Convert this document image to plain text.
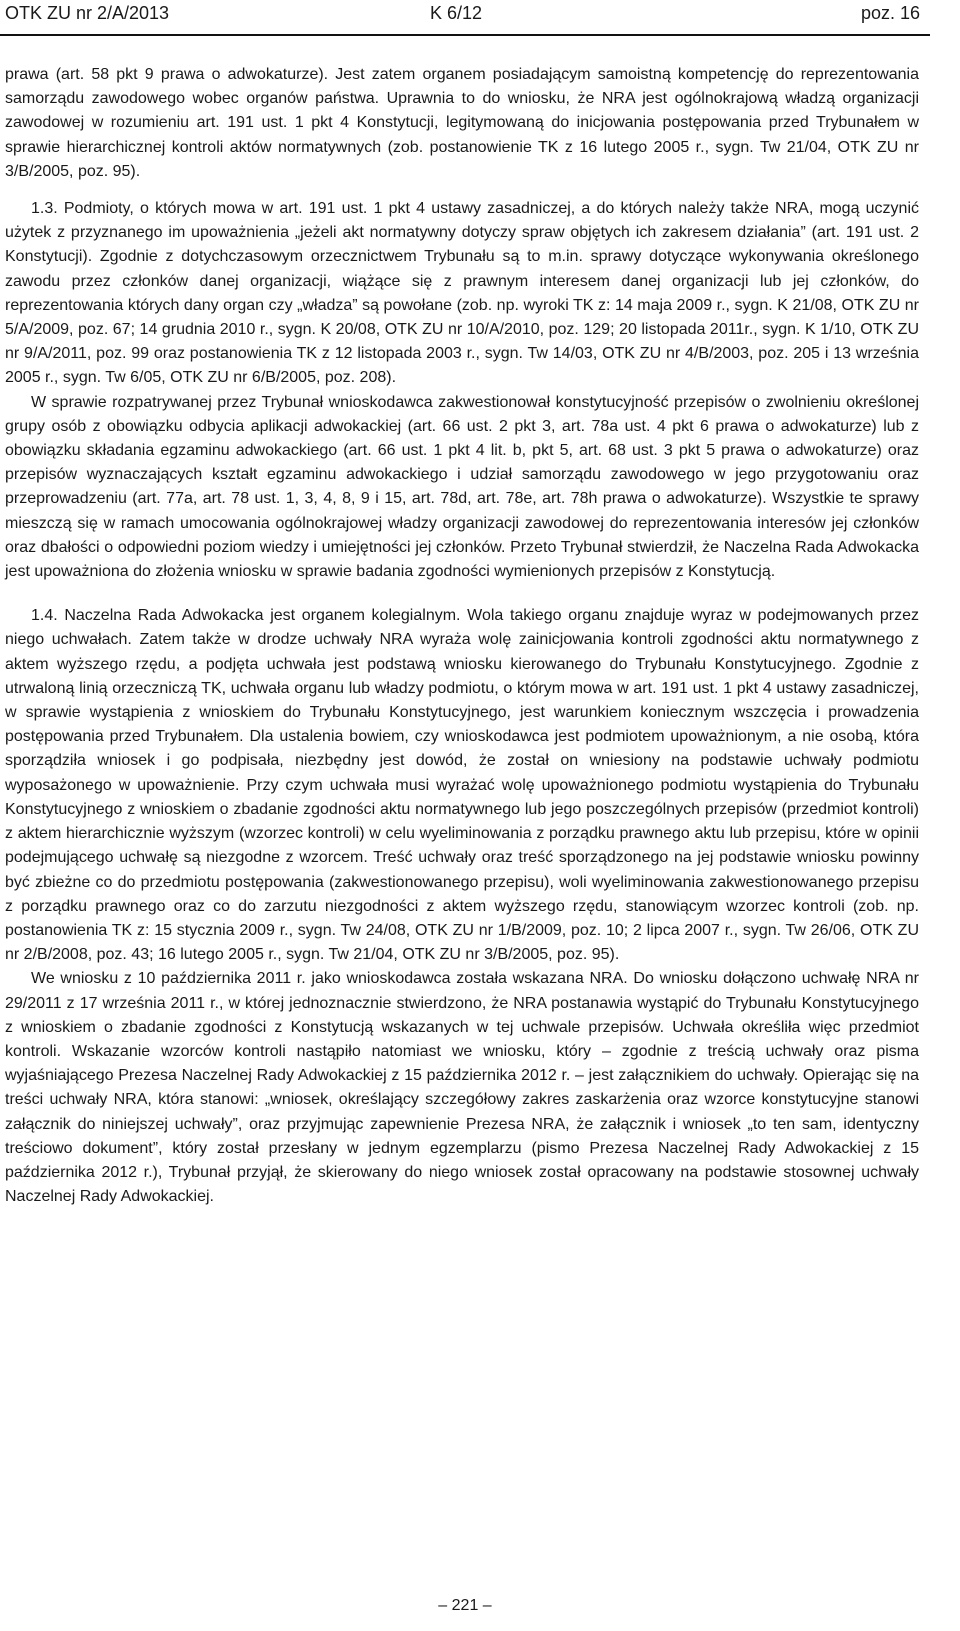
OTK ZU nr 2/A/2013	K 6/12	poz. 16

prawa (art. 58 pkt 9 prawa o adwokaturze). Jest zatem organem posiadającym samoistną kompetencję do reprezentowania samorządu zawodowego wobec organów państwa. Uprawnia to do wniosku, że NRA jest ogólnokrajową władzą organizacji zawodowej w rozumieniu art. 191 ust. 1 pkt 4 Konstytucji, legitymowaną do inicjowania postępowania przed Trybunałem w sprawie hierarchicznej kontroli aktów normatywnych (zob. postanowienie TK z 16 lutego 2005 r., sygn. Tw 21/04, OTK ZU nr 3/B/2005, poz. 95).

1.3. Podmioty, o których mowa w art. 191 ust. 1 pkt 4 ustawy zasadniczej, a do których należy także NRA, mogą uczynić użytek z przyznanego im upoważnienia „jeżeli akt normatywny dotyczy spraw objętych ich zakresem działania” (art. 191 ust. 2 Konstytucji). Zgodnie z dotychczasowym orzecznictwem Trybunału są to m.in. sprawy dotyczące wykonywania określonego zawodu przez członków danej organizacji, wiążące się z prawnym interesem danej organizacji lub jej członków, do reprezentowania których dany organ czy „władza” są powołane (zob. np. wyroki TK z: 14 maja 2009 r., sygn. K 21/08, OTK ZU nr 5/A/2009, poz. 67; 14 grudnia 2010 r., sygn. K 20/08, OTK ZU nr 10/A/2010, poz. 129; 20 listopada 2011r., sygn. K 1/10, OTK ZU nr 9/A/2011, poz. 99 oraz postanowienia TK z 12 listopada 2003 r., sygn. Tw 14/03, OTK ZU nr 4/B/2003, poz. 205 i 13 września 2005 r., sygn. Tw 6/05, OTK ZU nr 6/B/2005, poz. 208).

W sprawie rozpatrywanej przez Trybunał wnioskodawca zakwestionował konstytucyjność przepisów o zwolnieniu określonej grupy osób z obowiązku odbycia aplikacji adwokackiej (art. 66 ust. 2 pkt 3, art. 78a ust. 4 pkt 6 prawa o adwokaturze) lub z obowiązku składania egzaminu adwokackiego (art. 66 ust. 1 pkt 4 lit. b, pkt 5, art. 68 ust. 3 pkt 5 prawa o adwokaturze) oraz przepisów wyznaczających kształt egzaminu adwokackiego i udział samorządu zawodowego w jego przygotowaniu oraz przeprowadzeniu (art. 77a, art. 78 ust. 1, 3, 4, 8, 9 i 15, art. 78d, art. 78e, art. 78h prawa o adwokaturze). Wszystkie te sprawy mieszczą się w ramach umocowania ogólnokrajowej władzy organizacji zawodowej do reprezentowania interesów jej członków oraz dbałości o odpowiedni poziom wiedzy i umiejętności jej członków. Przeto Trybunał stwierdził, że Naczelna Rada Adwokacka jest upoważniona do złożenia wniosku w sprawie badania zgodności wymienionych przepisów z Konstytucją.

1.4. Naczelna Rada Adwokacka jest organem kolegialnym. Wola takiego organu znajduje wyraz w podejmowanych przez niego uchwałach. Zatem także w drodze uchwały NRA wyraża wolę zainicjowania kontroli zgodności aktu normatywnego z aktem wyższego rzędu, a podjęta uchwała jest podstawą wniosku kierowanego do Trybunału Konstytucyjnego. Zgodnie z utrwaloną linią orzeczniczą TK, uchwała organu lub władzy podmiotu, o którym mowa w art. 191 ust. 1 pkt 4 ustawy zasadniczej, w sprawie wystąpienia z wnioskiem do Trybunału Konstytucyjnego, jest warunkiem koniecznym wszczęcia i prowadzenia postępowania przed Trybunałem. Dla ustalenia bowiem, czy wnioskodawca jest podmiotem upoważnionym, a nie osobą, która sporządziła wniosek i go podpisała, niezbędny jest dowód, że został on wniesiony na podstawie uchwały podmiotu wyposażonego w upoważnienie. Przy czym uchwała musi wyrażać wolę upoważnionego podmiotu wystąpienia do Trybunału Konstytucyjnego z wnioskiem o zbadanie zgodności aktu normatywnego lub jego poszczególnych przepisów (przedmiot kontroli) z aktem hierarchicznie wyższym (wzorzec kontroli) w celu wyeliminowania z porządku prawnego aktu lub przepisu, które w opinii podejmującego uchwałę są niezgodne z wzorcem. Treść uchwały oraz treść sporządzonego na jej podstawie wniosku powinny być zbieżne co do przedmiotu postępowania (zakwestionowanego przepisu), woli wyeliminowania zakwestionowanego przepisu z porządku prawnego oraz co do zarzutu niezgodności z aktem wyższego rzędu, stanowiącym wzorzec kontroli (zob. np. postanowienia TK z: 15 stycznia 2009 r., sygn. Tw 24/08, OTK ZU nr 1/B/2009, poz. 10; 2 lipca 2007 r., sygn. Tw 26/06, OTK ZU nr 2/B/2008, poz. 43; 16 lutego 2005 r., sygn. Tw 21/04, OTK ZU nr 3/B/2005, poz. 95).

We wniosku z 10 października 2011 r. jako wnioskodawca została wskazana NRA. Do wniosku dołączono uchwałę NRA nr 29/2011 z 17 września 2011 r., w której jednoznacznie stwierdzono, że NRA postanawia wystąpić do Trybunału Konstytucyjnego z wnioskiem o zbadanie zgodności z Konstytucją wskazanych w tej uchwale przepisów. Uchwała określiła więc przedmiot kontroli. Wskazanie wzorców kontroli nastąpiło natomiast we wniosku, który – zgodnie z treścią uchwały oraz pisma wyjaśniającego Prezesa Naczelnej Rady Adwokackiej z 15 października 2012 r. – jest załącznikiem do uchwały. Opierając się na treści uchwały NRA, która stanowi: „wniosek, określający szczegółowy zakres zaskarżenia oraz wzorce konstytucyjne stanowi załącznik do niniejszej uchwały”, oraz przyjmując zapewnienie Prezesa NRA, że załącznik i wniosek „to ten sam, identyczny treściowo dokument”, który został przesłany w jednym egzemplarzu (pismo Prezesa Naczelnej Rady Adwokackiej z 15 października 2012 r.), Trybunał przyjął, że skierowany do niego wniosek został opracowany na podstawie stosownej uchwały Naczelnej Rady Adwokackiej.

– 221 –
